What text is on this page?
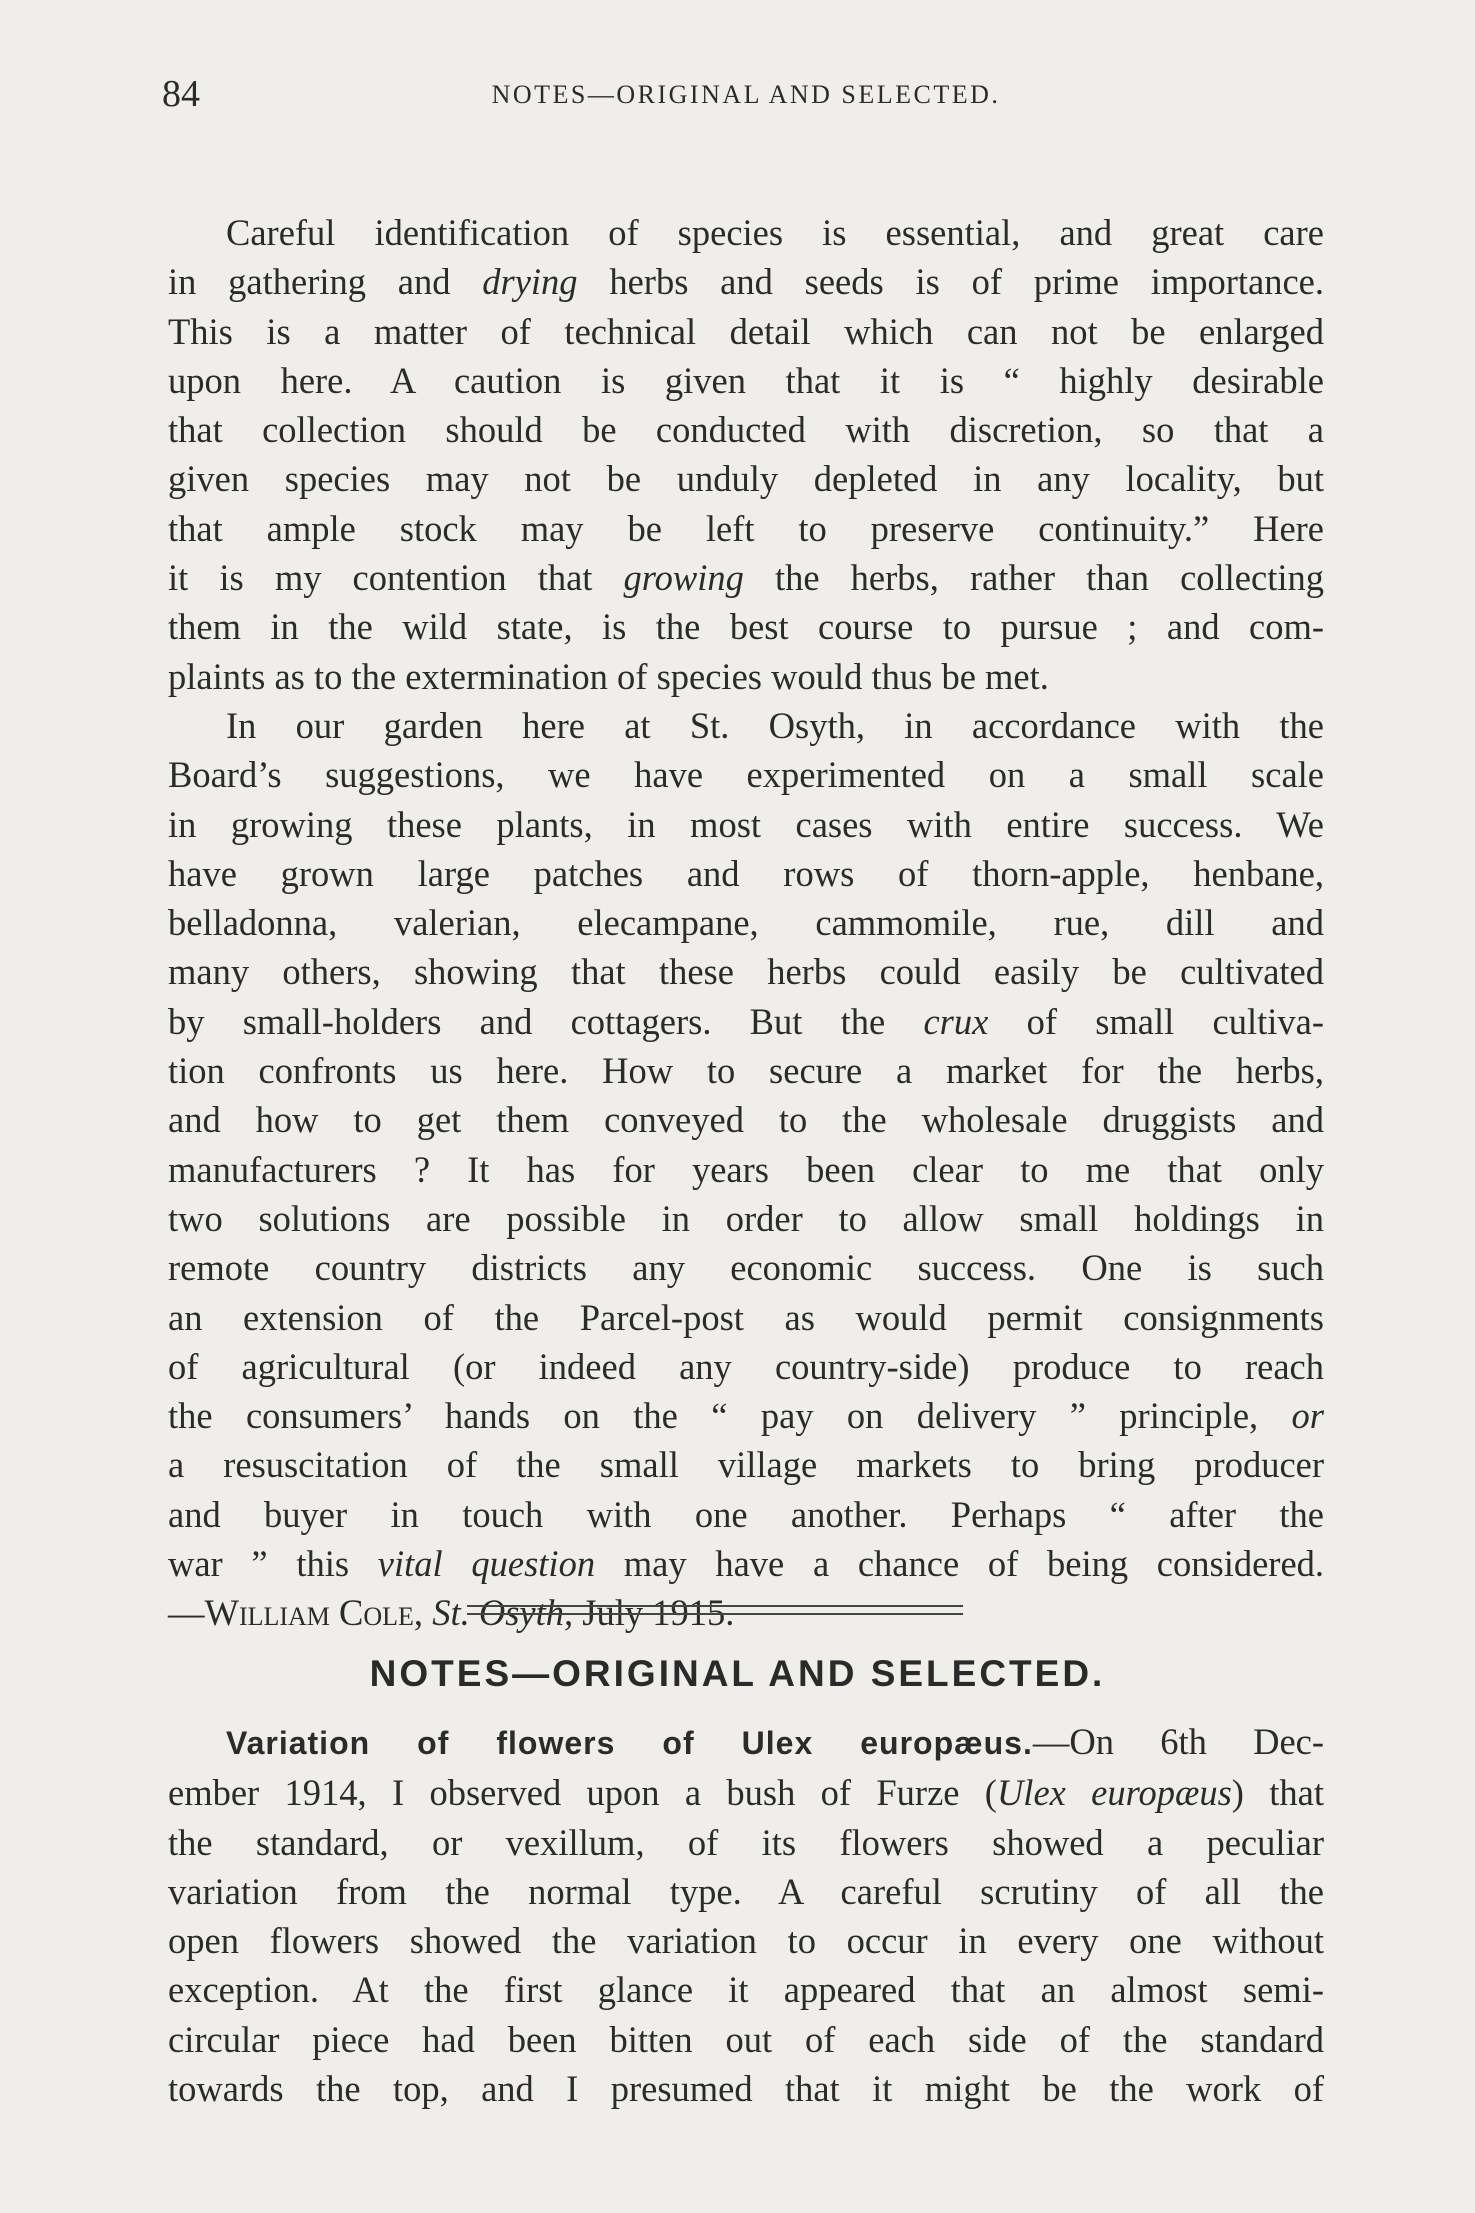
84	NOTES—ORIGINAL AND SELECTED.
Careful identification of species is essential, and great care
in gathering and drying herbs and seeds is of prime importance.
This is a matter of technical detail which can not be enlarged
upon here. A caution is given that it is “ highly desirable
that collection should be conducted with discretion, so that a
given species may not be unduly depleted in any locality, but
that ample stock may be left to preserve continuity.” Here
it is my contention that growing the herbs, rather than collecting
them in the wild state, is the best course to pursue ; and com-
plaints as to the extermination of species would thus be met.
In our garden here at St. Osyth, in accordance with the
Board’s suggestions, we have experimented on a small scale
in growing these plants, in most cases with entire success. We
have grown large patches and rows of thorn-apple, henbane,
belladonna, valerian, elecampane, cammomile, rue, dill and
many others, showing that these herbs could easily be cultivated
by small-holders and cottagers. But the crux of small cultiva-
tion confronts us here. How to secure a market for the herbs,
and how to get them conveyed to the wholesale druggists and
manufacturers ? It has for years been clear to me that only
two solutions are possible in order to allow small holdings in
remote country districts any economic success. One is such
an extension of the Parcel-post as would permit consignments
of agricultural (or indeed any country-side) produce to reach
the consumers’ hands on the “ pay on delivery ” principle, or
a resuscitation of the small village markets to bring producer
and buyer in touch with one another. Perhaps “ after the
war ” this vital question may have a chance of being considered.
—William Cole, St. Osyth, July 1915.
NOTES—ORIGINAL AND SELECTED.
Variation of flowers of Ulex europæus.—On 6th Dec-
ember 1914, I observed upon a bush of Furze (Ulex europæus) that
the standard, or vexillum, of its flowers showed a peculiar
variation from the normal type. A careful scrutiny of all the
open flowers showed the variation to occur in every one without
exception. At the first glance it appeared that an almost semi-
circular piece had been bitten out of each side of the standard
towards the top, and I presumed that it might be the work of
